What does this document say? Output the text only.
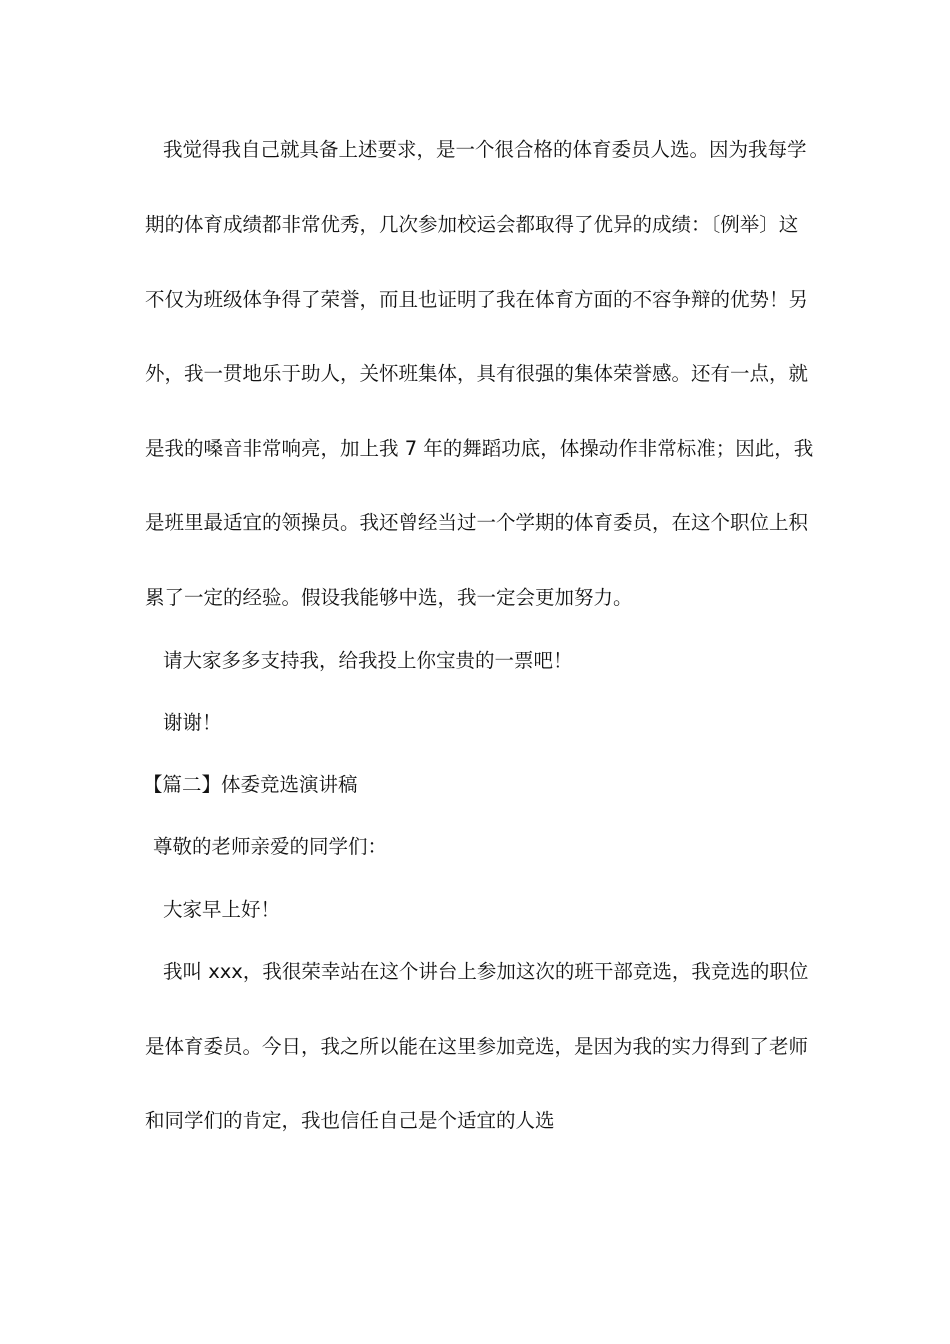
我觉得我自己就具备上述要求，是一个很合格的体育委员人选。因为我每学
期的体育成绩都非常优秀，几次参加校运会都取得了优异的成绩：〔例举〕这
不仅为班级体争得了荣誉，而且也证明了我在体育方面的不容争辩的优势！另
外，我一贯地乐于助人，关怀班集体，具有很强的集体荣誉感。还有一点，就
是我的嗓音非常响亮，加上我 7 年的舞蹈功底，体操动作非常标准；因此，我
是班里最适宜的领操员。我还曾经当过一个学期的体育委员，在这个职位上积
累了一定的经验。假设我能够中选，我一定会更加努力。
请大家多多支持我，给我投上你宝贵的一票吧！
谢谢！
【篇二】体委竞选演讲稿
尊敬的老师亲爱的同学们：
大家早上好！
我叫 xxx，我很荣幸站在这个讲台上参加这次的班干部竞选，我竞选的职位
是体育委员。今日，我之所以能在这里参加竞选，是因为我的实力得到了老师
和同学们的肯定，我也信任自己是个适宜的人选
